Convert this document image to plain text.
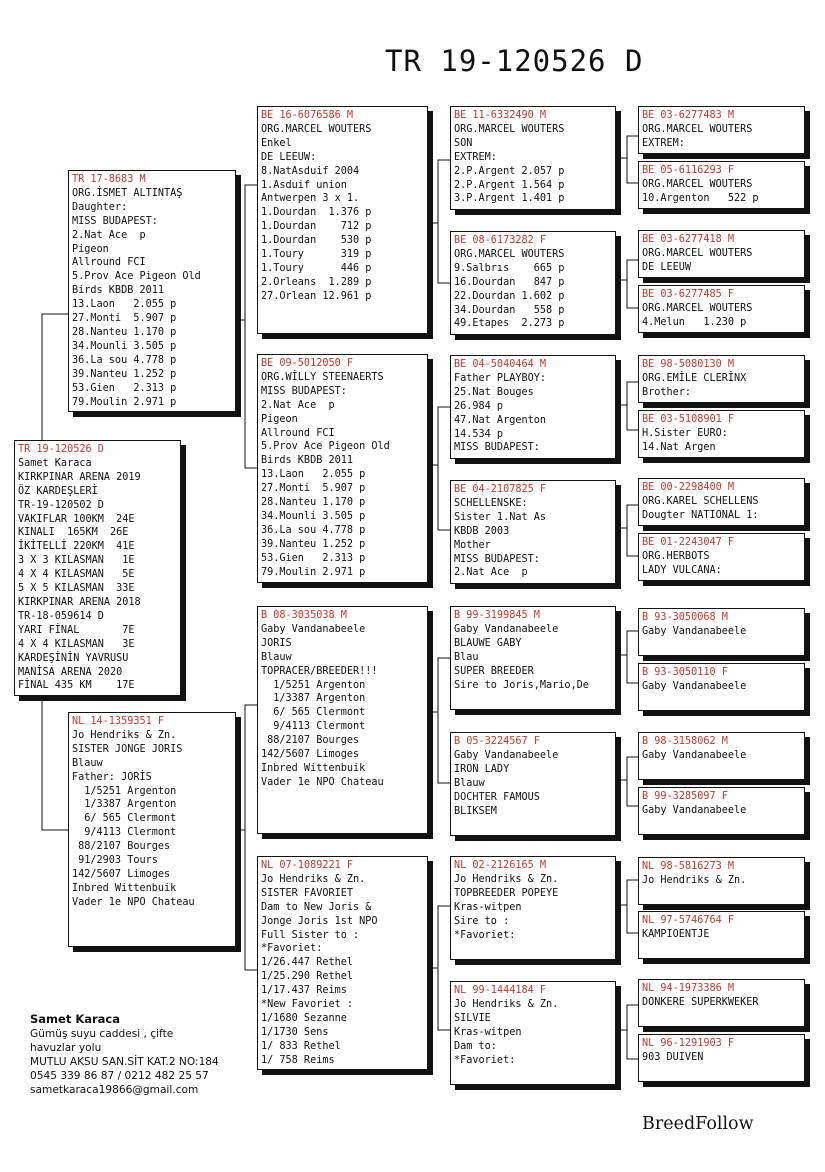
TR 19-120526 D
TR 19-120526 D
Samet Karaca
KIRKPINAR ARENA 2019
ÖZ KARDEŞLERİ
TR-19-120502 D
VAKIFLAR 100KM  24E
KINALI  165KM  26E
İKİTELLİ 220KM  41E
3 X 3 KILASMAN   1E
4 X 4 KILASMAN   5E
5 X 5 KILASMAN  33E
KIRKPINAR ARENA 2018
TR-18-059614 D
YARI FİNAL       7E
4 X 4 KILASMAN   3E
KARDEŞİNİN YAVRUSU
MANİSA ARENA 2020
FİNAL 435 KM    17E
TR 17-8683 M
ORG.İSMET ALTINTAŞ
Daughter:
MISS BUDAPEST:
2.Nat Ace  p
Pigeon
Allround FCI
5.Prov Ace Pigeon Old
Birds KBDB 2011
13.Laon   2.055 p
27.Monti  5.907 p
28.Nanteu 1.170 p
34.Mounli 3.505 p
36.La sou 4.778 p
39.Nanteu 1.252 p
53.Gien   2.313 p
79.Moulin 2.971 p
NL 14-1359351 F
Jo Hendriks & Zn.
SISTER JONGE JORIS
Blauw
Father: JORİS
1/5251 Argenton
1/3387 Argenton
6/ 565 Clermont
9/4113 Clermont
88/2107 Bourges
91/2903 Tours
142/5607 Limoges
Inbred Wittenbuik
Vader 1e NPO Chateau
BE 16-6076586 M
ORG.MARCEL WOUTERS
Enkel
DE LEEUW:
8.NatAsduif 2004
1.Asduif union
Antwerpen 3 x 1.
1.Dourdan  1.376 p
1.Dourdan    712 p
1.Dourdan    530 p
1.Toury      319 p
1.Toury      446 p
2.Orleans  1.289 p
27.Orlean 12.961 p
BE 09-5012050 F
ORG.WİLLY STEENAERTS
MISS BUDAPEST:
2.Nat Ace  p
Pigeon
Allround FCI
5.Prov Ace Pigeon Old
Birds KBDB 2011
13.Laon   2.055 p
27.Monti  5.907 p
28.Nanteu 1.170 p
34.Mounli 3.505 p
36.La sou 4.778 p
39.Nanteu 1.252 p
53.Gien   2.313 p
79.Moulin 2.971 p
B 08-3035038 M
Gaby Vandanabeele
JORIS
Blauw
TOPRACER/BREEDER!!!
1/5251 Argenton
1/3387 Argenton
6/ 565 Clermont
9/4113 Clermont
88/2107 Bourges
142/5607 Limoges
Inbred Wittenbuik
Vader 1e NPO Chateau
NL 07-1089221 F
Jo Hendriks & Zn.
SISTER FAVORIET
Dam to New Joris &
Jonge Joris 1st NPO
Full Sister to :
*Favoriet:
1/26.447 Rethel
1/25.290 Rethel
1/17.437 Reims
*New Favoriet :
1/1680 Sezanne
1/1730 Sens
1/ 833 Rethel
1/ 758 Reims
BE 11-6332490 M
ORG.MARCEL WOUTERS
SON
EXTREM:
2.P.Argent 2.057 p
2.P.Argent 1.564 p
3.P.Argent 1.401 p
BE 08-6173282 F
ORG.MARCEL WOUTERS
9.Salbrıs    665 p
16.Dourdan   847 p
22.Dourdan 1.602 p
34.Dourdan   558 p
49.Etapes  2.273 p
BE 04-5040464 M
Father PLAYBOY:
25.Nat Bouges
26.984 p
47.Nat Argenton
14.534 p
MISS BUDAPEST:
BE 04-2107825 F
SCHELLENSKE:
Sister 1.Nat As
KBDB 2003
Mother
MISS BUDAPEST:
2.Nat Ace  p
B 99-3199845 M
Gaby Vandanabeele
BLAUWE GABY
Blau
SUPER BREEDER
Sire to Joris,Mario,De
B 05-3224567 F
Gaby Vandanabeele
IRON LADY
Blauw
DOCHTER FAMOUS
BLIKSEM
NL 02-2126165 M
Jo Hendriks & Zn.
TOPBREEDER POPEYE
Kras-witpen
Sire to :
*Favoriet:
NL 99-1444184 F
Jo Hendriks & Zn.
SILVIE
Kras-witpen
Dam to:
*Favoriet:
BE 03-6277483 M
ORG.MARCEL WOUTERS
EXTREM:
BE 05-6116293 F
ORG.MARCEL WOUTERS
10.Argenton   522 p
BE 03-6277418 M
ORG.MARCEL WOUTERS
DE LEEUW
BE 03-6277485 F
ORG.MARCEL WOUTERS
4.Melun   1.230 p
BE 98-5080130 M
ORG.EMİLE CLERİNX
Brother:
BE 03-5108901 F
H.Sister EURO:
14.Nat Argen
BE 00-2298400 M
ORG.KAREL SCHELLENS
Dougter NATIONAL 1:
BE 01-2243047 F
ORG.HERBOTS
LADY VULCANA:
B 93-3050068 M
Gaby Vandanabeele
B 93-3050110 F
Gaby Vandanabeele
B 98-3158062 M
Gaby Vandanabeele
B 99-3285097 F
Gaby Vandanabeele
NL 98-5816273 M
Jo Hendriks & Zn.
NL 97-5746764 F
KAMPIOENTJE
NL 94-1973386 M
DONKERE SUPERKWEKER
NL 96-1291903 F
903 DUIVEN
Samet Karaca
Gümüş suyu caddesi , çifte
havuzlar yolu
MUTLU AKSU SAN.SİT KAT.2 NO:184
0545 339 86 87 / 0212 482 25 57
sametkaraca19866@gmail.com
BreedFollow
